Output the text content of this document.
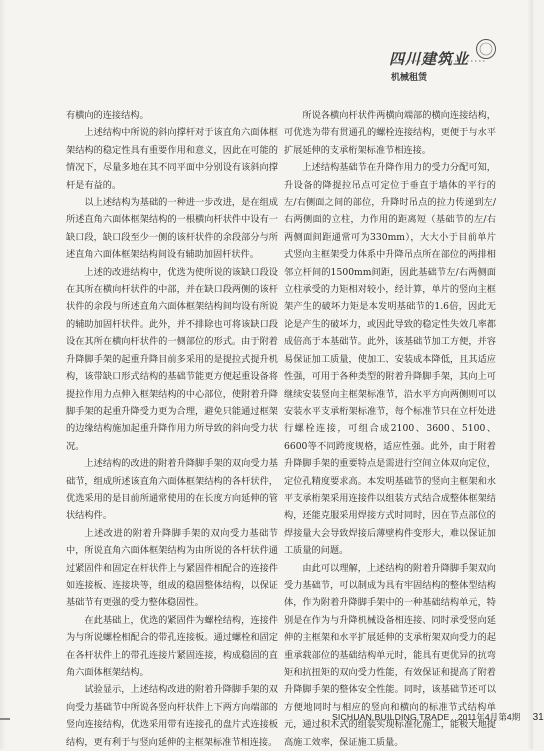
四川建筑业
机械租赁

有横向的连接结构。

上述结构中所说的斜向撑杆对于该直角六面体框架结构的稳定性具有重要作用和意义，因此在可能的情况下，尽量多地在其不同平面中分别设有该斜向撑杆是有益的。

以上述结构为基础的一种进一步改进，是在组成所述直角六面体框架结构的一根横向杆状件中设有一缺口段，缺口段至少一侧的该杆状件的余段部分与所述直角六面体框架结构间设有辅助加固杆状件。

上述的改进结构中，优选为使所说的该缺口段设在其所在横向杆状件的中部，并在缺口段两侧的该杆状件的余段与所述直角六面体框架结构间均设有所说的辅助加固杆状件。此外，并不排除也可将该缺口段设在其所在横向杆状件的一侧部位的形式。由于附着升降脚手架的起重升降目前多采用的是提拉式提升机构，该带缺口形式结构的基础节能更方便起重设备将提拉作用力点伸入框架结构的中心部位，使附着升降脚手架的起重升降受力更为合理，避免只能通过框架的边缘结构施加起重升降作用力所导致的斜向受力状况。

上述结构的改进的附着升降脚手架的双向受力基础节，组成所述该直角六面体框架结构的各杆状件，优选采用的是目前所通常使用的在长度方向延伸的管状结构件。

上述改进的附着升降脚手架的双向受力基础节中，所说直角六面体框架结构为由所说的各杆状件通过紧固件和固定在杆状件上与紧固件相配合的连接件如连接板、连接块等，组成的稳固整体结构，以保证基础节有更强的受力整体稳固性。

在此基础上，优选的紧固件为螺栓结构，连接件为与所说螺栓相配合的带孔连接板。通过螺栓和固定在各杆状件上的带孔连接片紧固连接，构成稳固的直角六面体框架结构。

试验显示，上述结构改进的附着升降脚手架的双向受力基础节中所说各竖向杆状件上下两方向端部的竖向连接结构，优选采用带有连接孔的盘片式连接板结构，更有利于与竖向延伸的主框架标准节相连接。

所说各横向杆状件两横向端部的横向连接结构，可优选为带有贯通孔的螺栓连接结构，更便于与水平扩展延伸的支承桁架标准节相连接。

上述结构基础节在升降作用力的受力分配可知，升设备的降提拉吊点可定位于垂直于墙体的平行的左/右侧面之间的部位，升降时吊点的拉力传递到左/右两侧面的立柱，力作用的距离短（基础节的左/右两侧面间距通常可为330mm），大大小于目前单片式竖向主框架受力体系中升降吊点所在部位的两排相邻立杆间的1500mm间距，因此基础节左/右两侧面立柱承受的力矩相对较小，经计算，单片的竖向主框架产生的破坏力矩是本发明基础节的1.6倍，因此无论是产生的破坏力，或因此导致的稳定性失效几率都成倍高于本基础节。此外，该基础节加工方便，并容易保证加工质量，使加工、安装成本降低，且其适应性强，可用于各种类型的附着升降脚手架，其向上可继续安装竖向主框架标准节，沿水平方向两侧则可以安装水平支承桁架标准节，每个标准节只在立杆处进行螺栓连接，可组合成2100、3600、5100、6600等不同跨度规格，适应性强。此外，由于附着升降脚手架的重要特点是需进行空间立体双向定位，定位孔精度要求高。本发明基础节的竖向主框架和水平支承桁架采用连接件以组装方式结合成整体框架结构，还能克服采用焊接方式时同时，因在节点部位的焊接量大会导致焊接后薄壁构件变形大，难以保证加工质量的问题。

由此可以理解，上述结构的附着升降脚手架双向受力基础节，可以制成为具有牢固结构的整体型结构体，作为附着升降脚手架中的一种基础结构单元，特别是在作为与升降机械设备相连接、同时承受竖向延伸的主框架和水平扩展延伸的支承桁架双向受力的起重承载部位的基础结构单元时，能具有更优异的抗弯矩和抗扭矩的双向受力性能，有效保证和提高了附着升降脚手架的整体安全性能。同时，该基础节还可以方便地同时与相应的竖向和横向的标准节式结构单元，通过积木式的组装实现标准化施工，能极大地提高施工效率，保证施工质量。

SICHUAN BUILDING TRADE 2011年4月第4期 31
